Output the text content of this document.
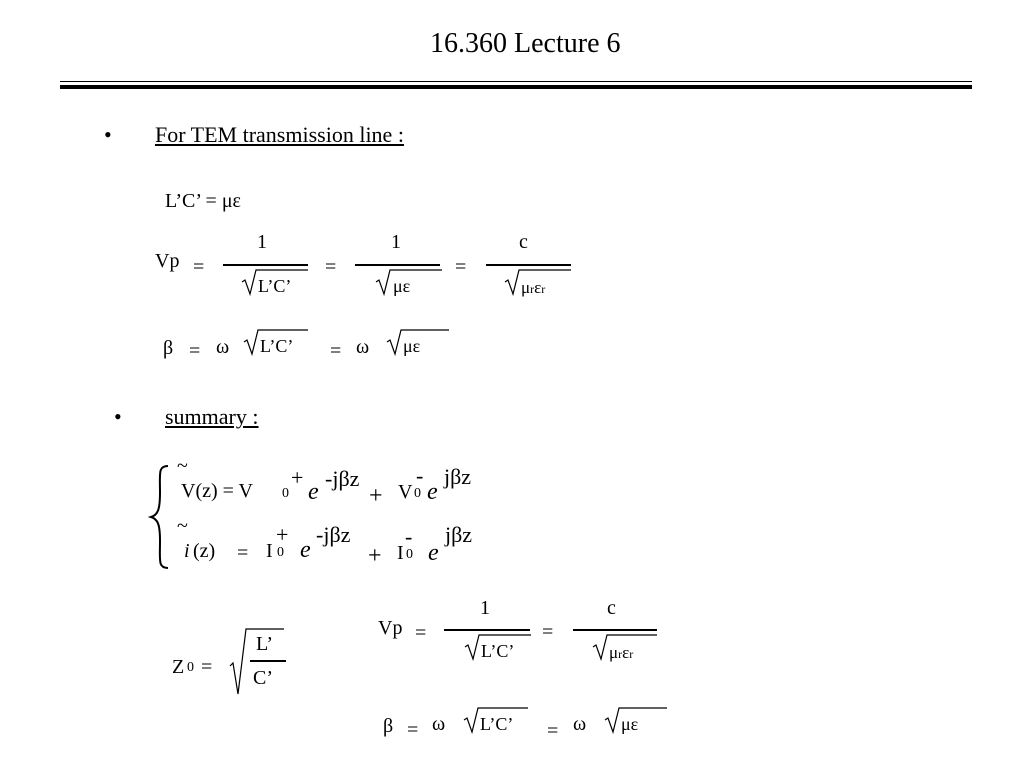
16.360 Lecture 6
• For TEM transmission line :
L’C’ = με
Vp =
1
L’C’
=
1
με
=
c
μrεr
β = ω L’C’ = ω με
• summary :
~
V(z) = V 0
+
e
-jβz
+ V 0
-
e
jβz
~
i (z) = I 0
+
e
-jβz
+ I 0
-
e
jβz
Z 0 =
L’
C’
Vp =
1
L’C’
=
c
μrεr
β = ω L’C’ = ω με
